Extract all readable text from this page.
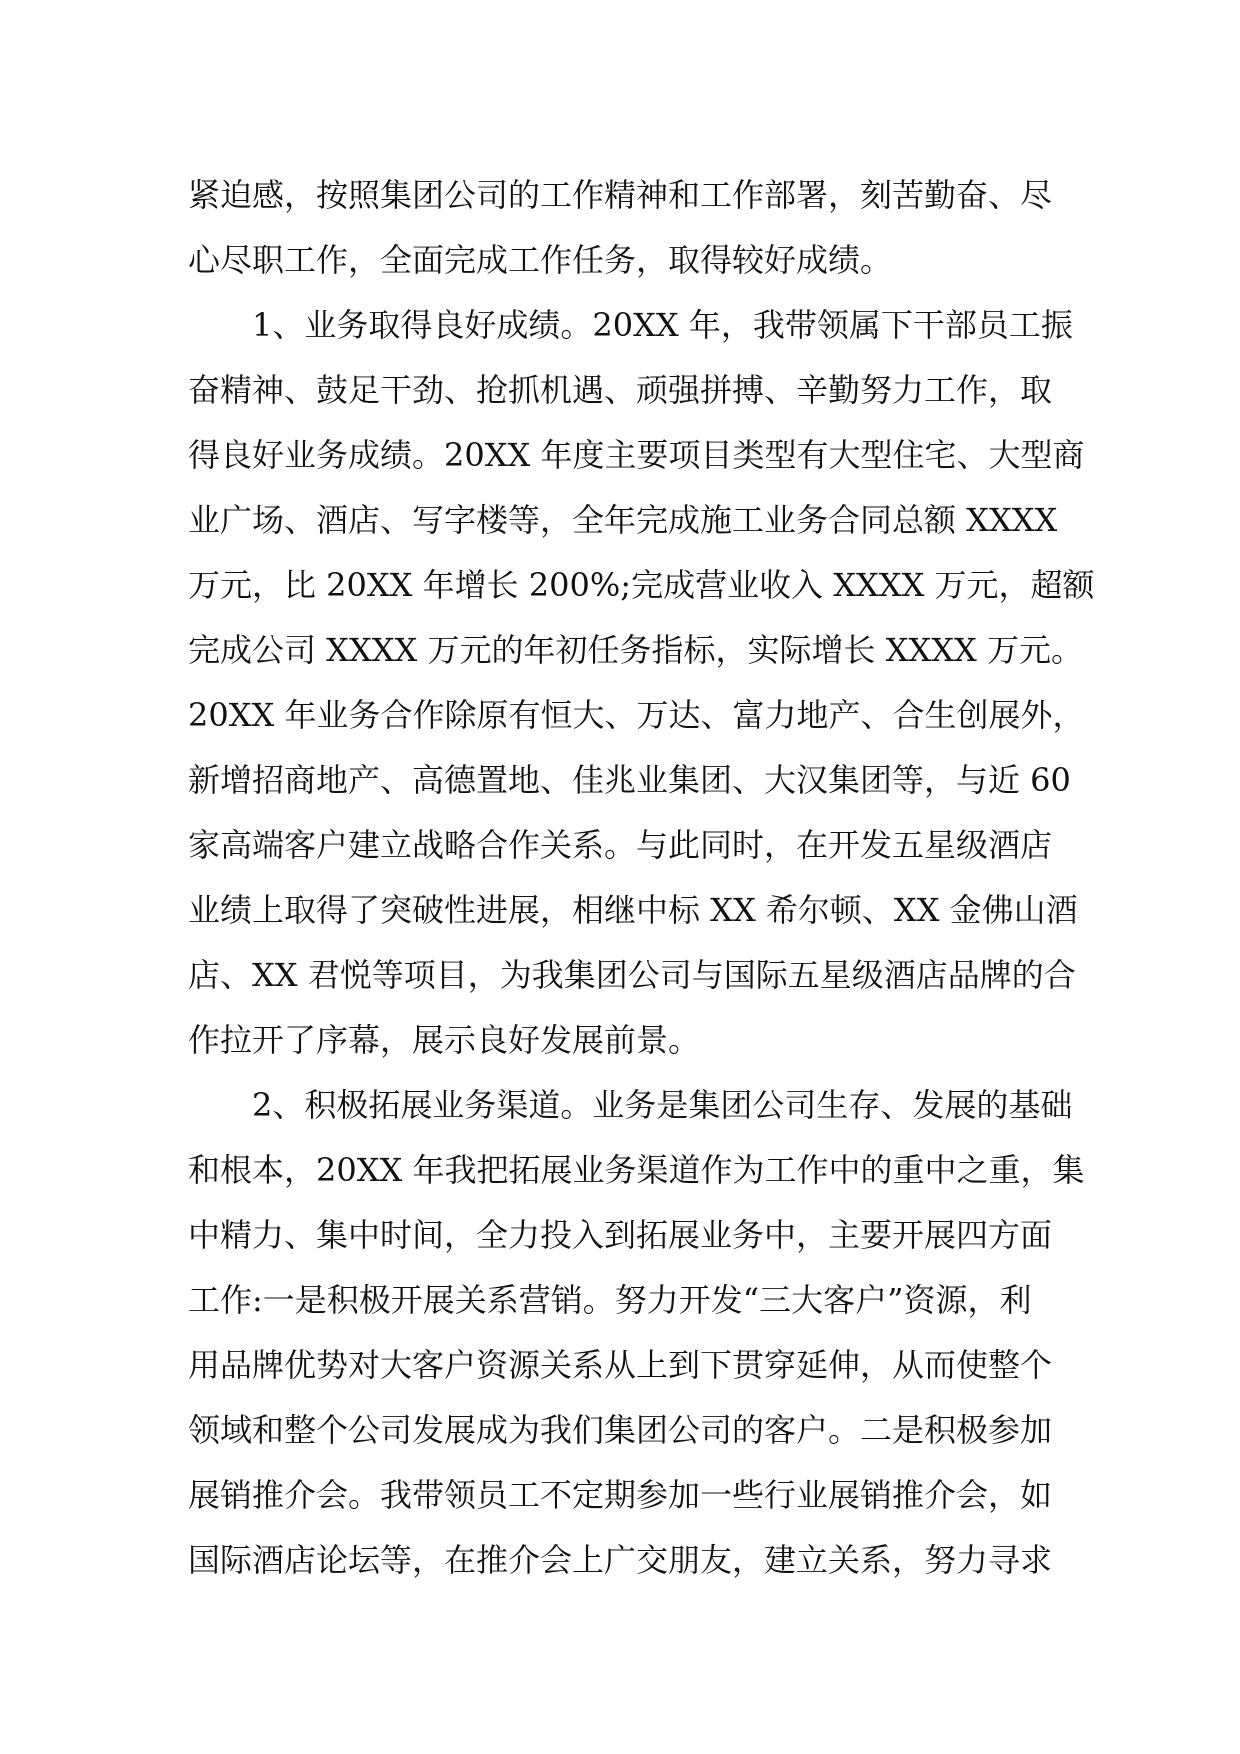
紧迫感，按照集团公司的工作精神和工作部署，刻苦勤奋、尽
心尽职工作，全面完成工作任务，取得较好成绩。
1、业务取得良好成绩。20XX 年，我带领属下干部员工振
奋精神、鼓足干劲、抢抓机遇、顽强拼搏、辛勤努力工作，取
得良好业务成绩。20XX 年度主要项目类型有大型住宅、大型商
业广场、酒店、写字楼等，全年完成施工业务合同总额 XXXX
万元，比 20XX 年增长 200%;完成营业收入 XXXX 万元，超额
完成公司 XXXX 万元的年初任务指标，实际增长 XXXX 万元。
20XX 年业务合作除原有恒大、万达、富力地产、合生创展外，
新增招商地产、高德置地、佳兆业集团、大汉集团等，与近 60
家高端客户建立战略合作关系。与此同时，在开发五星级酒店
业绩上取得了突破性进展，相继中标 XX 希尔顿、XX 金佛山酒
店、XX 君悦等项目，为我集团公司与国际五星级酒店品牌的合
作拉开了序幕，展示良好发展前景。
2、积极拓展业务渠道。业务是集团公司生存、发展的基础
和根本，20XX 年我把拓展业务渠道作为工作中的重中之重，集
中精力、集中时间，全力投入到拓展业务中，主要开展四方面
工作:一是积极开展关系营销。努力开发“三大客户”资源，利
用品牌优势对大客户资源关系从上到下贯穿延伸，从而使整个
领域和整个公司发展成为我们集团公司的客户。二是积极参加
展销推介会。我带领员工不定期参加一些行业展销推介会，如
国际酒店论坛等，在推介会上广交朋友，建立关系，努力寻求
